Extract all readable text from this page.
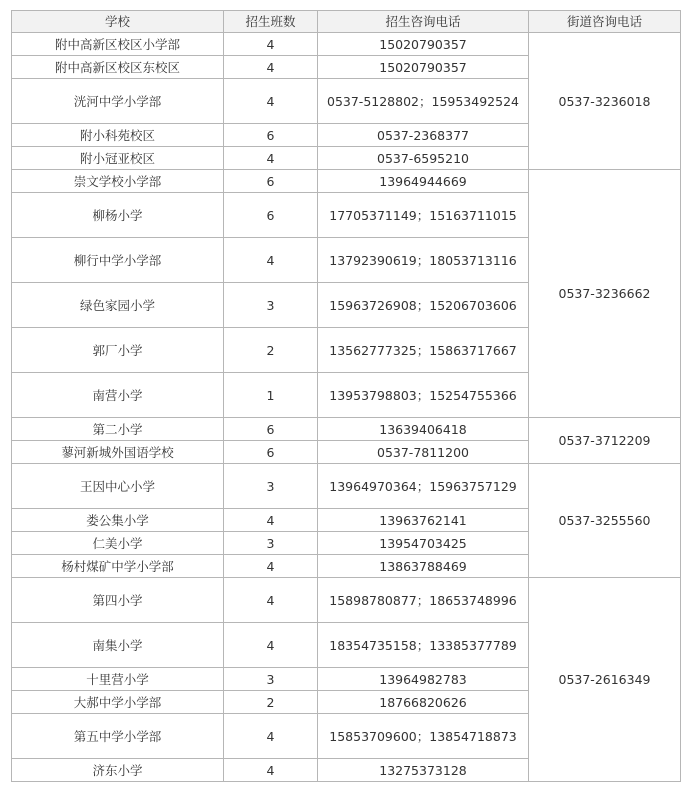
学校	招生班数	招生咨询电话	街道咨询电话
附中高新区校区小学部	4	15020790357	0537-3236018
附中高新区校区东校区	4	15020790357	

洸河中学小学部	4	0537-5128802；15953492524	

附小科苑校区	6	0537-2368377	

附小冠亚校区	4	0537-6595210	

崇文学校小学部	6	13964944669	0537-3236662
柳杨小学	6	17705371149；15163711015	

柳行中学小学部	4	13792390619；18053713116	

绿色家园小学	3	15963726908；15206703606	

郭厂小学	2	13562777325；15863717667	

南营小学	1	13953798803；15254755366	

第二小学	6	13639406418	0537-3712209
蓼河新城外国语学校	6	0537-7811200	

王因中心小学	3	13964970364；15963757129	0537-3255560
娄公集小学	4	13963762141	

仁美小学	3	13954703425	

杨村煤矿中学小学部	4	13863788469	

第四小学	4	15898780877；18653748996	0537-2616349
南集小学	4	18354735158；13385377789	

十里营小学	3	13964982783	

大郝中学小学部	2	18766820626	

第五中学小学部	4	15853709600；13854718873	

济东小学	4	13275373128	
